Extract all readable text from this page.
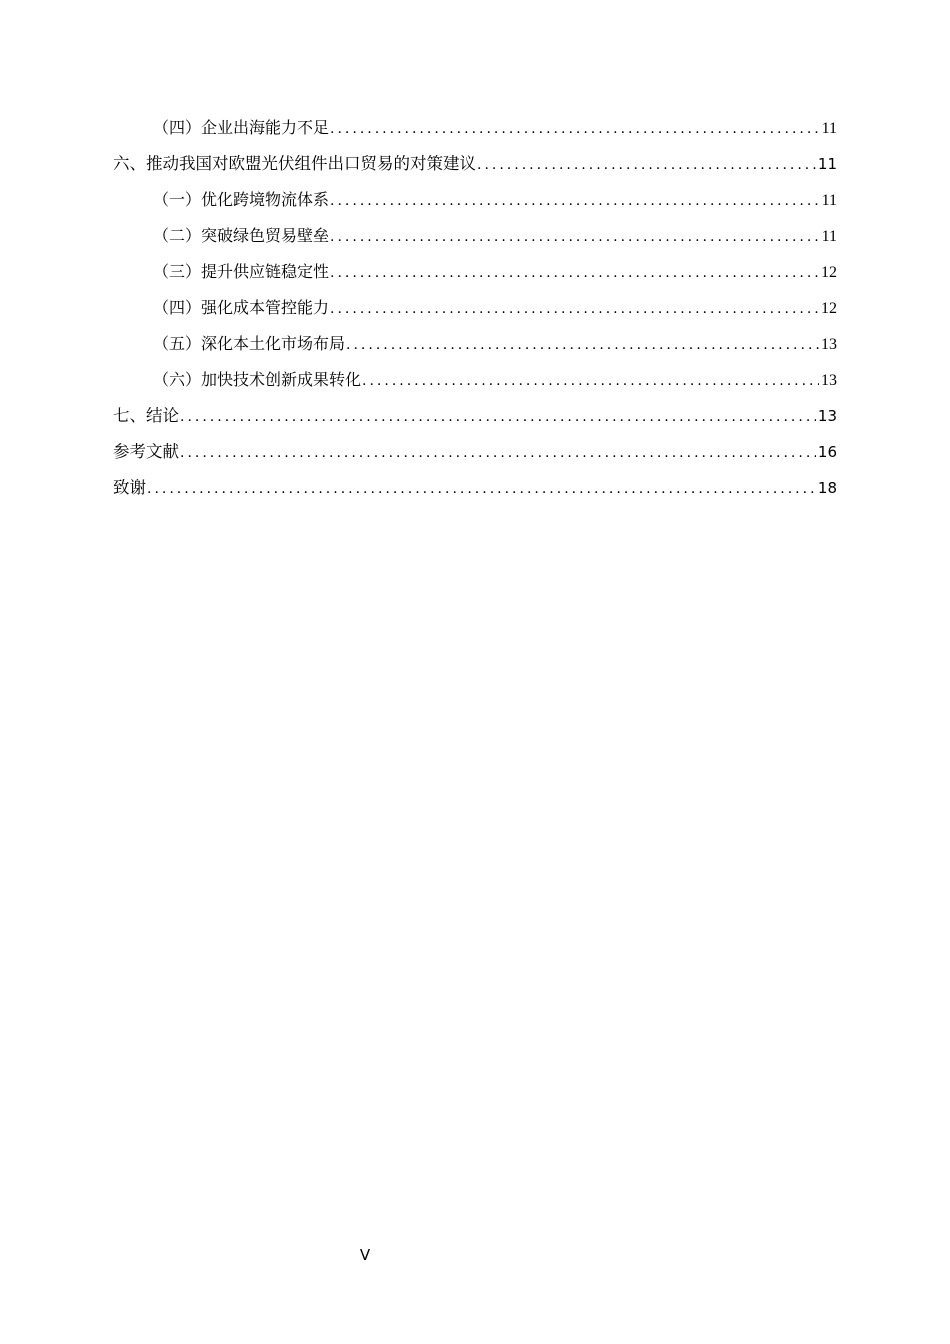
（四） 企业出海能力不足 .....	11
六、 推动我国对欧盟光伏组件出口贸易的对策建议 .....	11
（一） 优化跨境物流体系 .....	11
（二） 突破绿色贸易壁垒 .....	11
（三） 提升供应链稳定性 .....	12
（四） 强化成本管控能力 .....	12
（五） 深化本土化市场布局 .....	13
（六） 加快技术创新成果转化 .....	13
七、 结论 .....	13
参考文献 .....	16
致谢 .....	18
V
